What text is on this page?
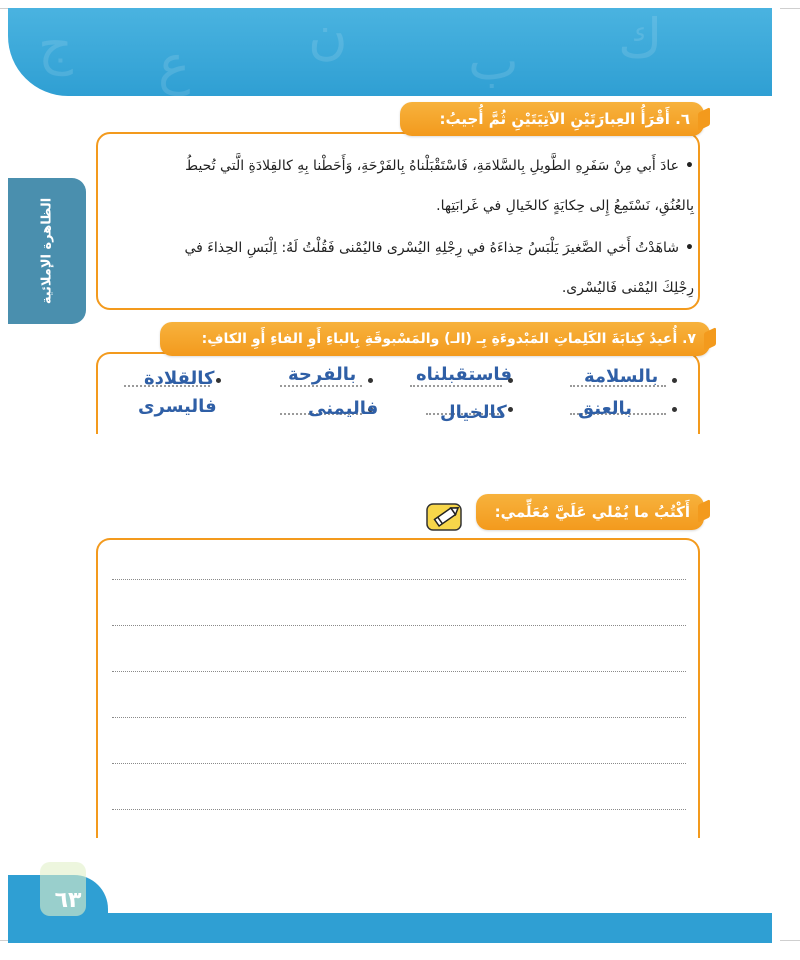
ج ع ن ب ك
الظاهرة الإملائية
٦. أَقْرَأُ العِبارَتَيْنِ الآتِيَتَيْنِ ثُمَّ أُجيبُ:
•عادَ أَبي مِنْ سَفَرِهِ الطَّويلِ بِالسَّلامَةِ، فَاسْتَقْبَلْناهُ بِالفَرْحَةِ، وَأَحَطْنا بِهِ كالقِلادَةِ الَّتي تُحيطُ
بِالعُنُقِ، نَسْتَمِعُ إِلى حِكايَةٍ كالخَيالِ في غَرابَتِها.
•شاهَدْتُ أَخي الصَّغيرَ يَلْبَسُ حِذاءَهُ في رِجْلِهِ اليُسْرى فاليُمْنى فَقُلْتُ لَهُ: اِلْبَسِ الحِذاءَ في
رِجْلِكَ اليُمْنى فَاليُسْرى.
٧. أُعيدُ كِتابَةَ الكَلِماتِ المَبْدوءَةِ بِـ (الـ) والمَسْبوقَةِ بِالباءِ أَوِ الفاءِ أَوِ الكافِ:
بالسلامة
فاستقبلناه
بالفرحة
كالقلادة
بالعنق
كالخيال
فاليمنى
فاليسرى
أَكْتُبُ ما يُمْلي عَلَيَّ مُعَلِّمي:
٦٣
